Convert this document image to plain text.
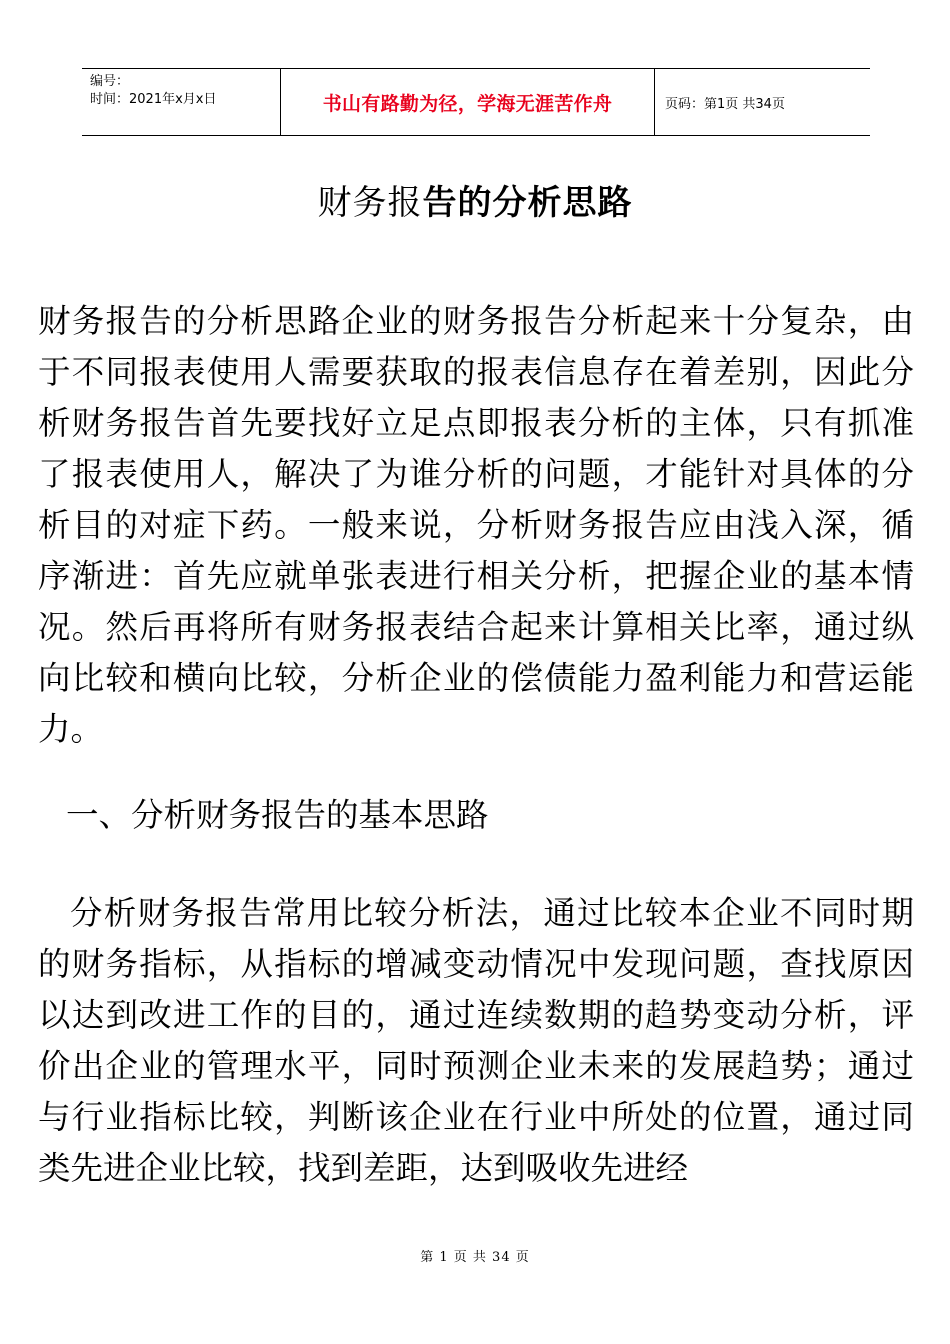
编号：
时间：2021年x月x日	书山有路勤为径，学海无涯苦作舟	页码：第1页 共34页
财务报告的分析思路

财务报告的分析思路企业的财务报告分析起来十分复杂，由于不同报表使用人需要获取的报表信息存在着差别，因此分析财务报告首先要找好立足点即报表分析的主体，只有抓准了报表使用人，解决了为谁分析的问题，才能针对具体的分析目的对症下药。一般来说，分析财务报告应由浅入深，循序渐进：首先应就单张表进行相关分析，把握企业的基本情况。然后再将所有财务报表结合起来计算相关比率，通过纵向比较和横向比较，分析企业的偿债能力盈利能力和营运能力。

一、分析财务报告的基本思路

分析财务报告常用比较分析法，通过比较本企业不同时期的财务指标，从指标的增减变动情况中发现问题，查找原因以达到改进工作的目的，通过连续数期的趋势变动分析，评价出企业的管理水平，同时预测企业未来的发展趋势；通过与行业指标比较，判断该企业在行业中所处的位置，通过同类先进企业比较，找到差距，达到吸收先进经

第 1 页 共 34 页
